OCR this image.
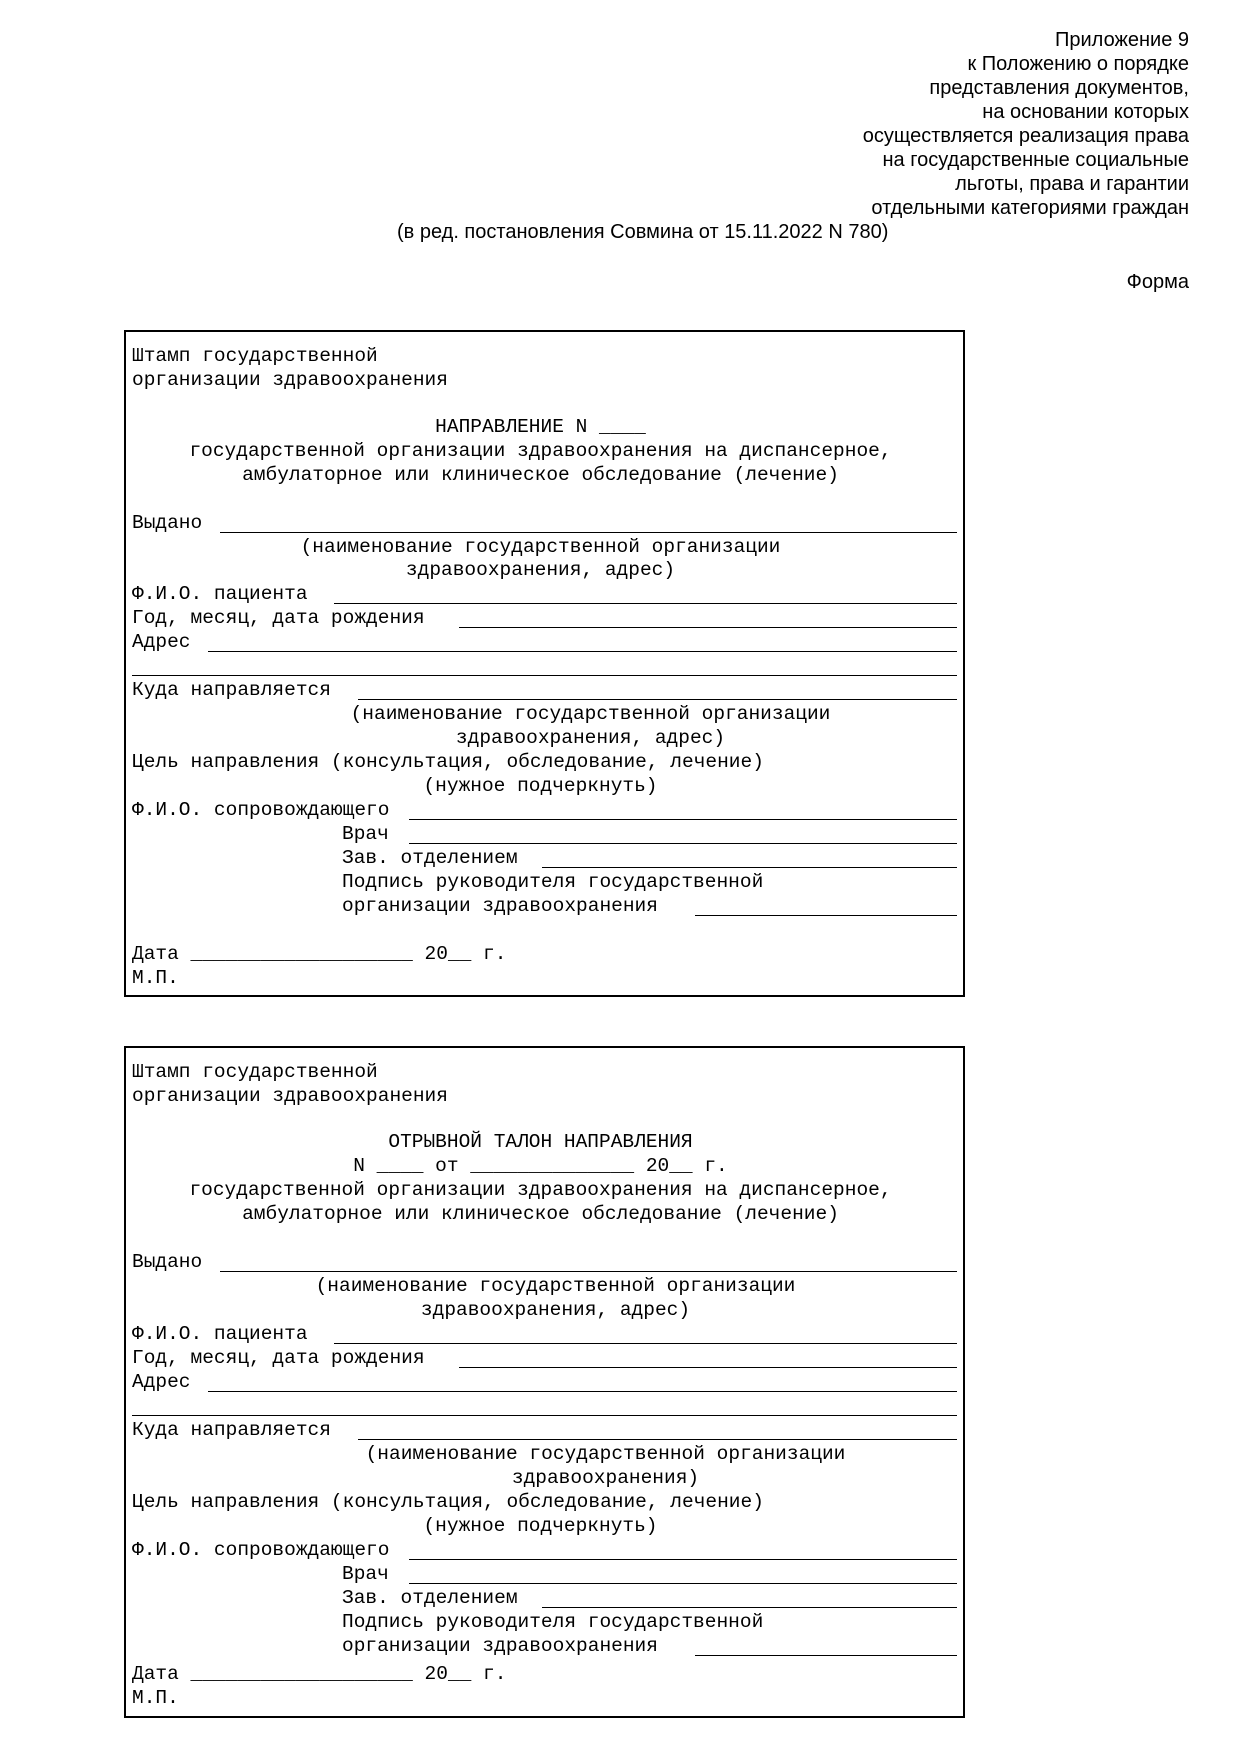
Приложение 9
к Положению о порядке
представления документов,
на основании которых
осуществляется реализация права
на государственные социальные
льготы, права и гарантии
отдельными категориями граждан
(в ред. постановления Совмина от 15.11.2022 N 780)
Форма
Штамп государственной
организации здравоохранения
НАПРАВЛЕНИЕ N ____
государственной организации здравоохранения на диспансерное,
амбулаторное или клиническое обследование (лечение)
Выдано
(наименование государственной организации
здравоохранения, адрес)
Ф.И.О. пациента
Год, месяц, дата рождения
Адрес
Куда направляется
(наименование государственной организации
здравоохранения, адрес)
Цель направления (консультация, обследование, лечение)
(нужное подчеркнуть)
Ф.И.О. сопровождающего
Врач
Зав. отделением
Подпись руководителя государственной
организации здравоохранения
Дата ___________________ 20__ г.
М.П.
Штамп государственной
организации здравоохранения
ОТРЫВНОЙ ТАЛОН НАПРАВЛЕНИЯ
N ____ от ______________ 20__ г.
государственной организации здравоохранения на диспансерное,
амбулаторное или клиническое обследование (лечение)
Выдано
(наименование государственной организации
здравоохранения, адрес)
Ф.И.О. пациента
Год, месяц, дата рождения
Адрес
Куда направляется
(наименование государственной организации
здравоохранения)
Цель направления (консультация, обследование, лечение)
(нужное подчеркнуть)
Ф.И.О. сопровождающего
Врач
Зав. отделением
Подпись руководителя государственной
организации здравоохранения
Дата ___________________ 20__ г.
М.П.
